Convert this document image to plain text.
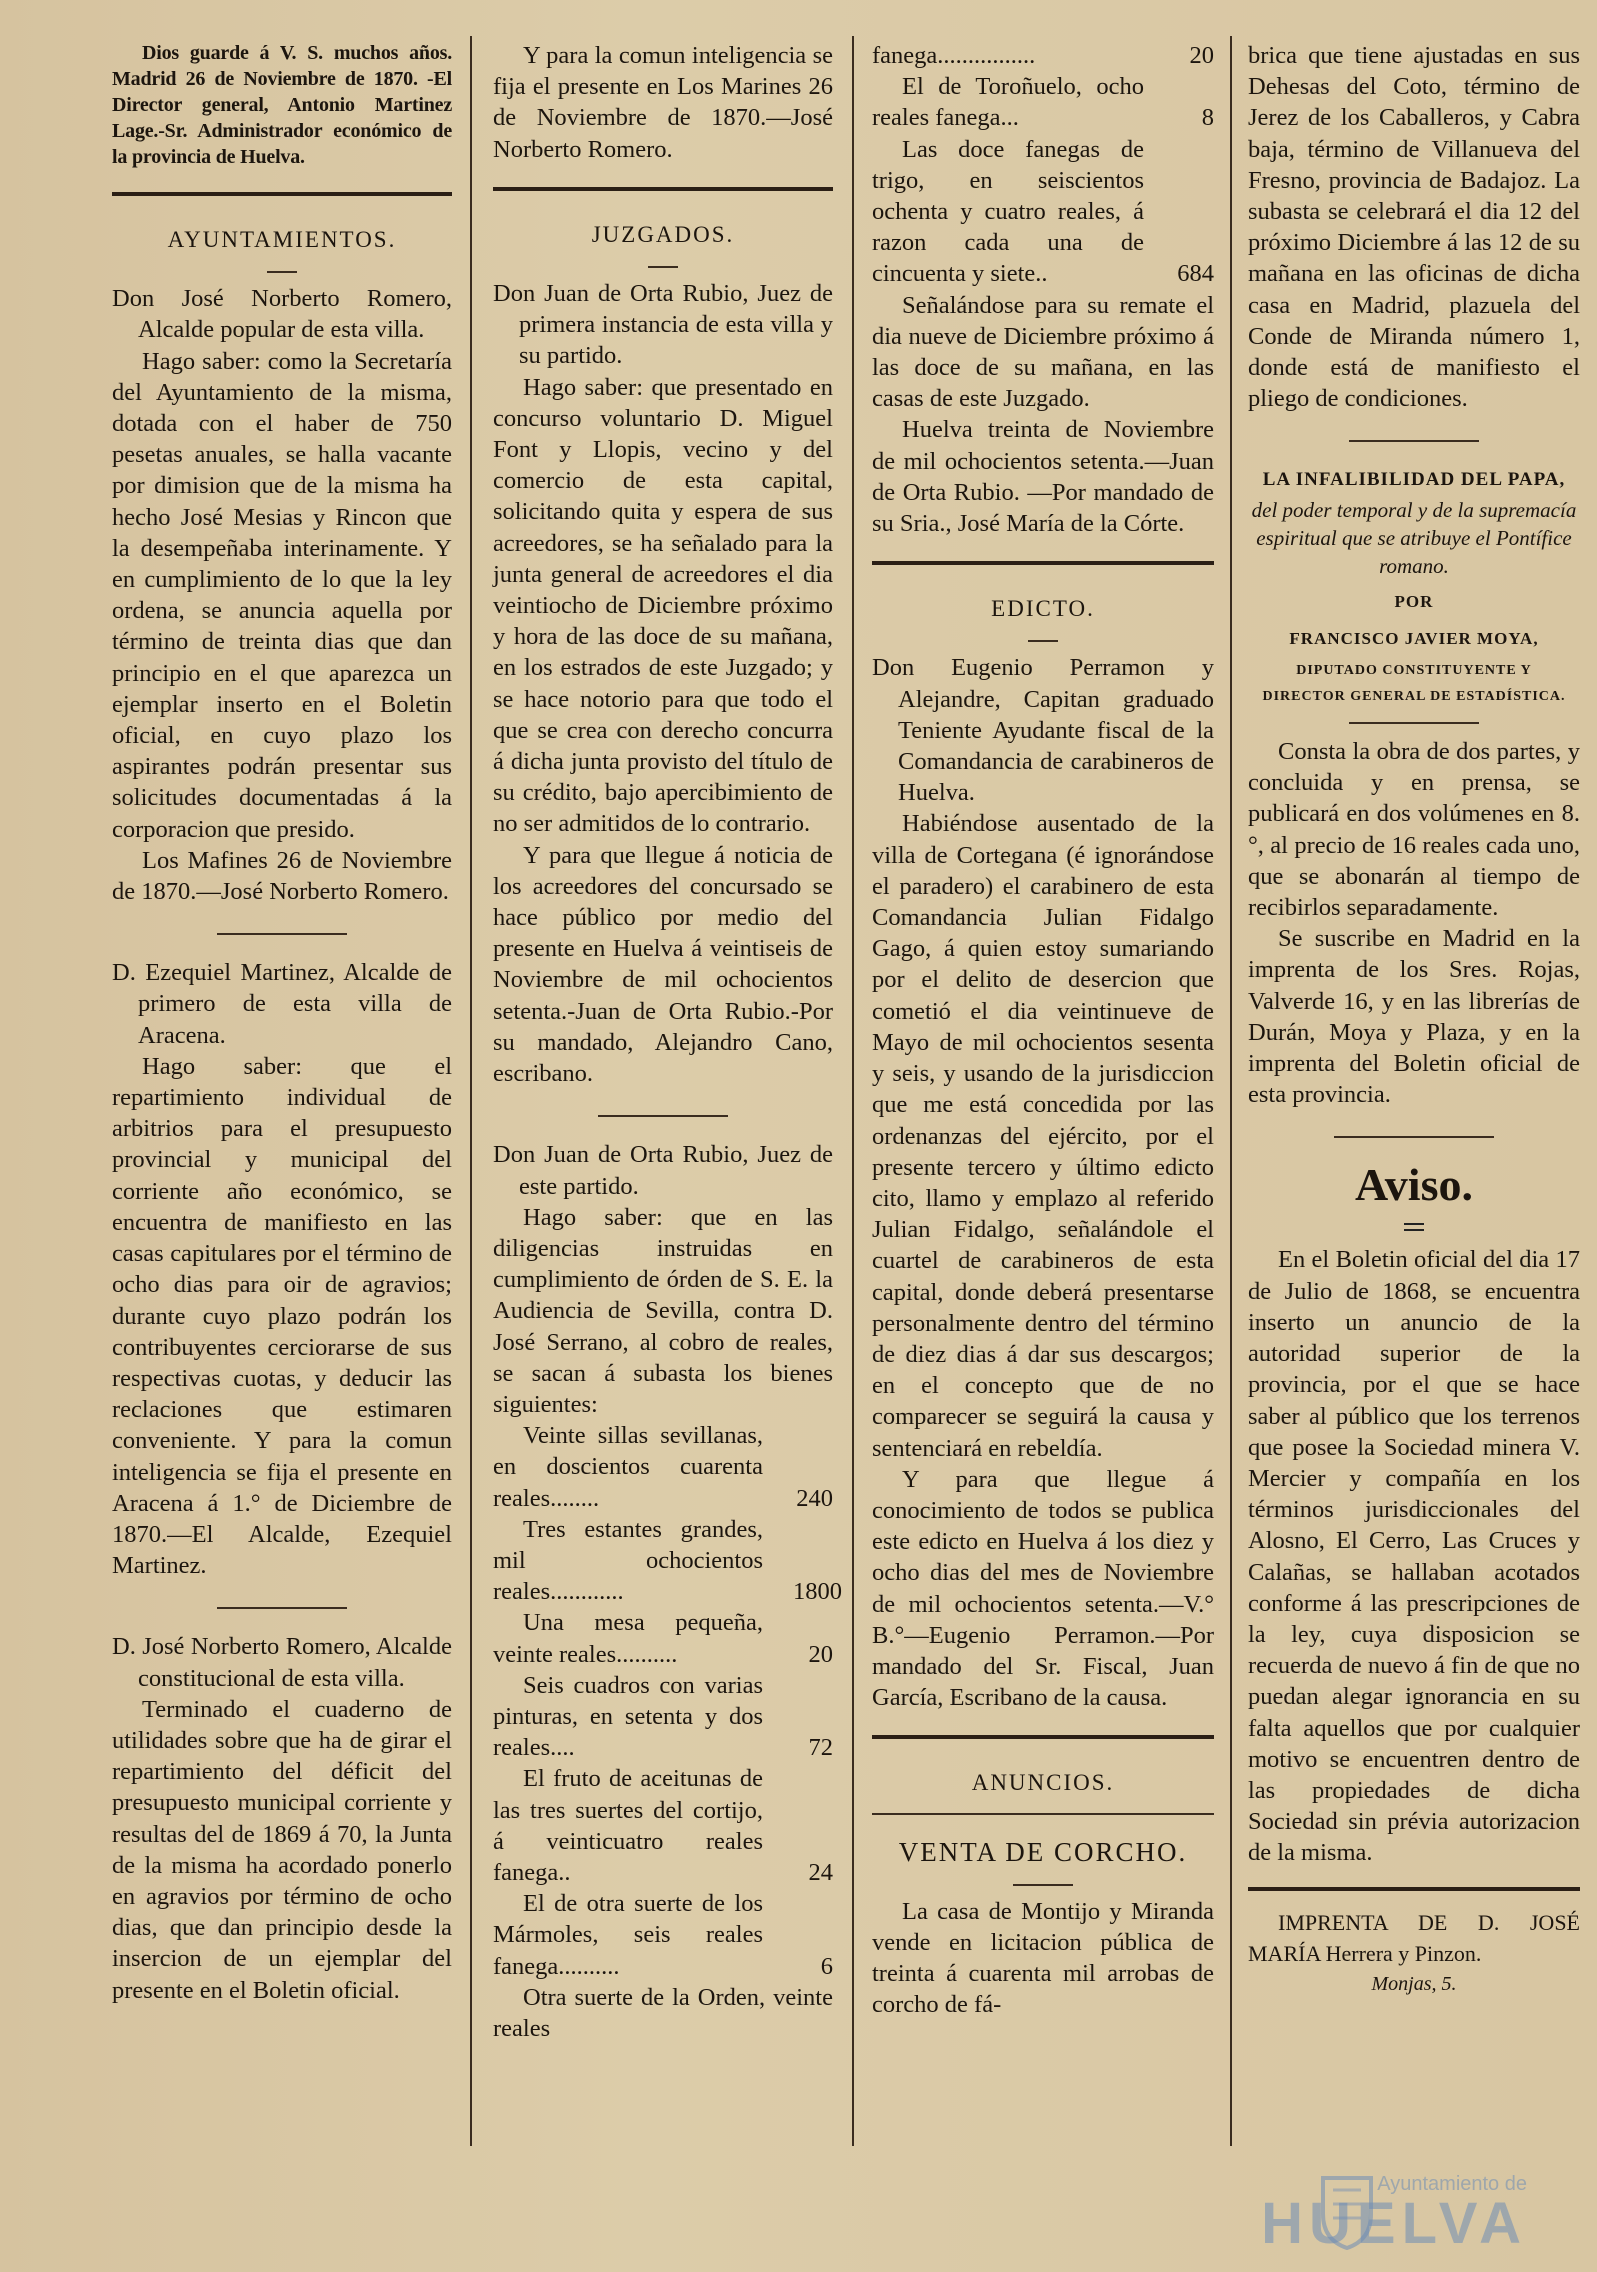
Dios guarde á V. S. muchos años. Madrid 26 de Noviembre de 1870. -El Director general, Antonio Martinez Lage.-Sr. Administrador económico de la provincia de Huelva.

AYUNTAMIENTOS.

Don José Norberto Romero, Alcalde popular de esta villa.

Hago saber: como la Secretaría del Ayuntamiento de la misma, dotada con el haber de 750 pesetas anuales, se halla vacante por dimision que de la misma ha hecho José Mesias y Rincon que la desempeñaba interinamente. Y en cumplimiento de lo que la ley ordena, se anuncia aquella por término de treinta dias que dan principio en el que aparezca un ejemplar inserto en el Boletin oficial, en cuyo plazo los aspirantes podrán presentar sus solicitudes documentadas á la corporacion que presido.

Los Mafines 26 de Noviembre de 1870.—José Norberto Romero.

D. Ezequiel Martinez, Alcalde de primero de esta villa de Aracena.

Hago saber: que el repartimiento individual de arbitrios para el presupuesto provincial y municipal del corriente año económico, se encuentra de manifiesto en las casas capitulares por el término de ocho dias para oir de agravios; durante cuyo plazo podrán los contribuyentes cerciorarse de sus respectivas cuotas, y deducir las reclaciones que estimaren conveniente. Y para la comun inteligencia se fija el presente en Aracena á 1.° de Diciembre de 1870.—El Alcalde, Ezequiel Martinez.

D. José Norberto Romero, Alcalde constitucional de esta villa.

Terminado el cuaderno de utilidades sobre que ha de girar el repartimiento del déficit del presupuesto municipal corriente y resultas del de 1869 á 70, la Junta de la misma ha acordado ponerlo en agravios por término de ocho dias, que dan principio desde la insercion de un ejemplar del presente en el Boletin oficial.

Y para la comun inteligencia se fija el presente en Los Marines 26 de Noviembre de 1870.—José Norberto Romero.

JUZGADOS.

Don Juan de Orta Rubio, Juez de primera instancia de esta villa y su partido.

Hago saber: que presentado en concurso voluntario D. Miguel Font y Llopis, vecino y del comercio de esta capital, solicitando quita y espera de sus acreedores, se ha señalado para la junta general de acreedores el dia veintiocho de Diciembre próximo y hora de las doce de su mañana, en los estrados de este Juzgado; y se hace notorio para que todo el que se crea con derecho concurra á dicha junta provisto del título de su crédito, bajo apercibimiento de no ser admitidos de lo contrario.

Y para que llegue á noticia de los acreedores del concursado se hace público por medio del presente en Huelva á veintiseis de Noviembre de mil ochocientos setenta.-Juan de Orta Rubio.-Por su mandado, Alejandro Cano, escribano.

Don Juan de Orta Rubio, Juez de este partido.

Hago saber: que en las diligencias instruidas en cumplimiento de órden de S. E. la Audiencia de Sevilla, contra D. José Serrano, al cobro de reales, se sacan á subasta los bienes siguientes:

Veinte sillas sevillanas, en doscientos cuarenta reales........	240
Tres estantes grandes, mil ochocientos reales............	1800
Una mesa pequeña, veinte reales..........	20
Seis cuadros con varias pinturas, en setenta y dos reales....	72
El fruto de aceitunas de las tres suertes del cortijo, á veinticuatro reales fanega..	24
El de otra suerte de los Mármoles, seis reales fanega..........	6

Otra suerte de la Orden, veinte reales

fanega................	20
El de Toroñuelo, ocho reales fanega...	8
Las doce fanegas de trigo, en seiscientos ochenta y cuatro reales, á razon cada una de cincuenta y siete..	684

Señalándose para su remate el dia nueve de Diciembre próximo á las doce de su mañana, en las casas de este Juzgado.

Huelva treinta de Noviembre de mil ochocientos setenta.—Juan de Orta Rubio. —Por mandado de su Sria., José María de la Córte.

EDICTO.

Don Eugenio Perramon y Alejandre, Capitan graduado Teniente Ayudante fiscal de la Comandancia de carabineros de Huelva.

Habiéndose ausentado de la villa de Cortegana (é ignorándose el paradero) el carabinero de esta Comandancia Julian Fidalgo Gago, á quien estoy sumariando por el delito de desercion que cometió el dia veintinueve de Mayo de mil ochocientos sesenta y seis, y usando de la jurisdiccion que me está concedida por las ordenanzas del ejército, por el presente tercero y último edicto cito, llamo y emplazo al referido Julian Fidalgo, señalándole el cuartel de carabineros de esta capital, donde deberá presentarse personalmente dentro del término de diez dias á dar sus descargos; en el concepto que de no comparecer se seguirá la causa y sentenciará en rebeldía.

Y para que llegue á conocimiento de todos se publica este edicto en Huelva á los diez y ocho dias del mes de Noviembre de mil ochocientos setenta.—V.° B.°—Eugenio Perramon.—Por mandado del Sr. Fiscal, Juan García, Escribano de la causa.

ANUNCIOS.

VENTA DE CORCHO.

La casa de Montijo y Miranda vende en licitacion pública de treinta á cuarenta mil arrobas de corcho de fá-

brica que tiene ajustadas en sus Dehesas del Coto, término de Jerez de los Caballeros, y Cabra baja, término de Villanueva del Fresno, provincia de Badajoz. La subasta se celebrará el dia 12 del próximo Diciembre á las 12 de su mañana en las oficinas de dicha casa en Madrid, plazuela del Conde de Miranda número 1, donde está de manifiesto el pliego de condiciones.

LA INFALIBILIDAD DEL PAPA,

del poder temporal y de la supremacía espiritual que se atribuye el Pontífice romano.

POR

FRANCISCO JAVIER MOYA,

DIPUTADO CONSTITUYENTE Y DIRECTOR GENERAL DE ESTADÍSTICA.

Consta la obra de dos partes, y concluida y en prensa, se publicará en dos volúmenes en 8.°, al precio de 16 reales cada uno, que se abonarán al tiempo de recibirlos separadamente.

Se suscribe en Madrid en la imprenta de los Sres. Rojas, Valverde 16, y en las librerías de Durán, Moya y Plaza, y en la imprenta del Boletin oficial de esta provincia.

Aviso.

En el Boletin oficial del dia 17 de Julio de 1868, se encuentra inserto un anuncio de la autoridad superior de la provincia, por el que se hace saber al público que los terrenos que posee la Sociedad minera V. Mercier y compañía en los términos jurisdiccionales del Alosno, El Cerro, Las Cruces y Calañas, se hallaban acotados conforme á las prescripciones de la ley, cuya disposicion se recuerda de nuevo á fin de que no puedan alegar ignorancia en su falta aquellos que por cualquier motivo se encuentren dentro de las propiedades de dicha Sociedad sin prévia autorizacion de la misma.

IMPRENTA DE D. JOSÉ MARÍA Herrera y Pinzon.

Monjas, 5.

Ayuntamiento de
HUELVA
